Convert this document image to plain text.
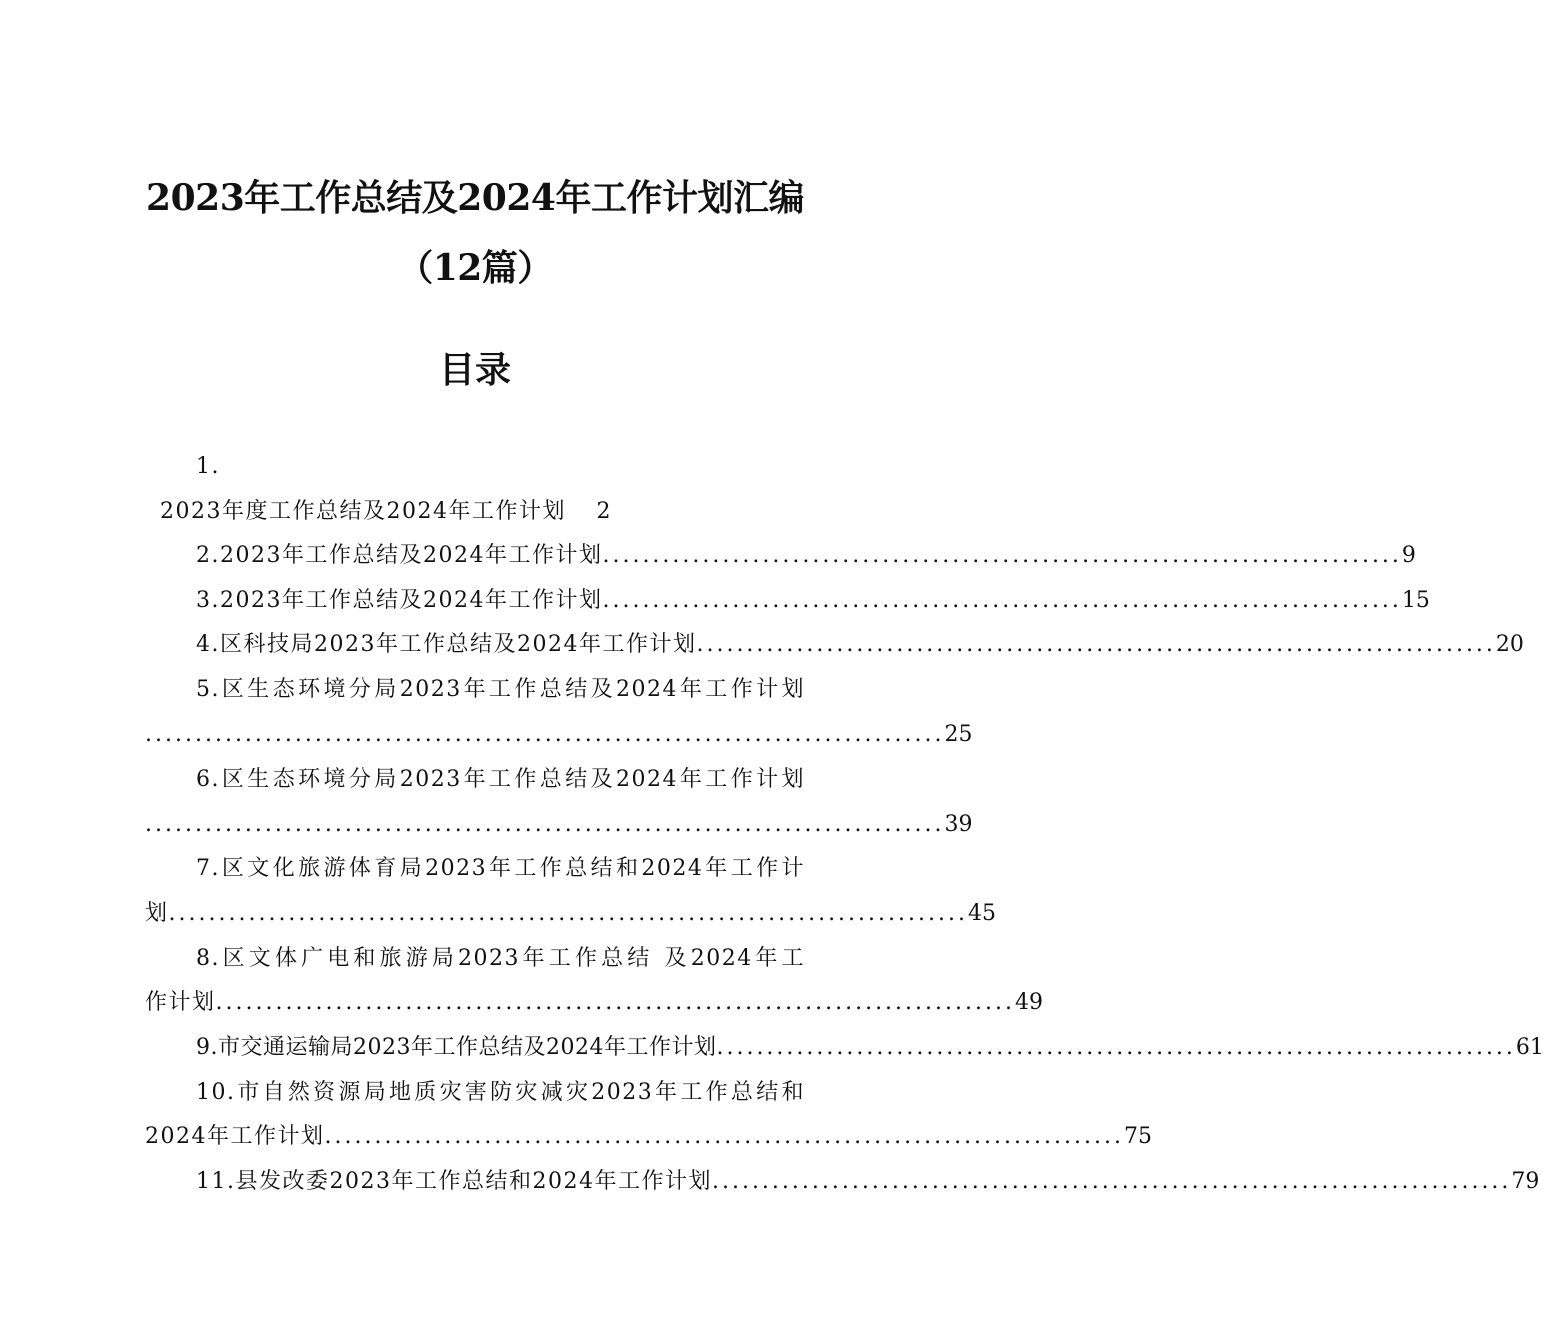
2023年工作总结及2024年工作计划汇编
（12篇）
目录
1.
2023年度工作总结及2024年工作计划 2
2.2023年工作总结及2024年工作计划 ................................................................................ 9
3.2023年工作总结及2024年工作计划 ................................................................................ 15
4.区科技局2023年工作总结及2024年工作计划 ................................................................................ 20
5.区生态环境分局2023年工作总结及2024年工作计划
................................................................................ 25
6.区生态环境分局2023年工作总结及2024年工作计划
................................................................................ 39
7.区文化旅游体育局2023年工作总结和2024年工作计
划 ................................................................................ 45
8.区文体广电和旅游局2023年工作总结 及2024年工
作计划 ................................................................................ 49
9.市交通运输局2023年工作总结及2024年工作计划 ................................................................................ 61
10.市自然资源局地质灾害防灾减灾2023年工作总结和
2024年工作计划 ................................................................................ 75
11.县发改委2023年工作总结和2024年工作计划 ................................................................................ 79
